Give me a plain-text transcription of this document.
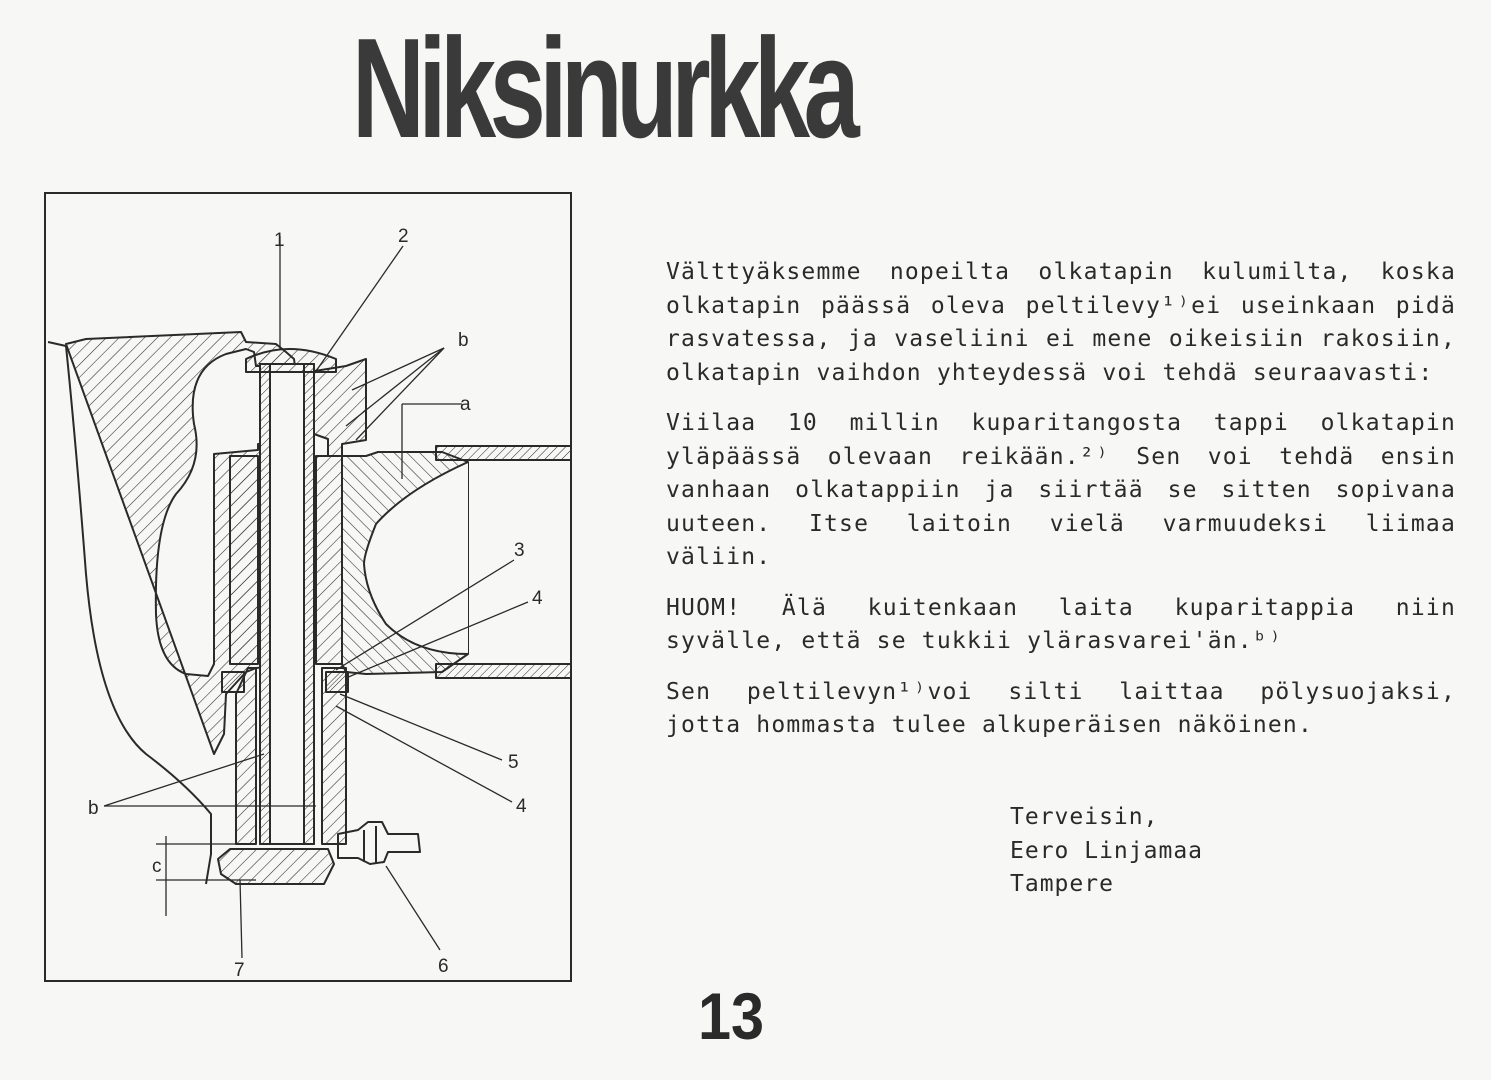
Niksinurkka
1	2
b
a
3
4
5
4
b
c
7	6

Välttyäksemme nopeilta olkatapin kulumilta, koska olkatapin päässä oleva peltilevy¹⁾ei useinkaan pidä rasvatessa, ja vaseliini ei mene oikeisiin rakosiin, olkatapin vaihdon yhteydessä voi tehdä seuraavasti:

Viilaa 10 millin kuparitangosta tappi olkatapin yläpäässä olevaan reikään.²⁾ Sen voi tehdä ensin vanhaan olkatappiin ja siirtää se sitten sopivana uuteen. Itse laitoin vielä varmuudeksi liimaa väliin.

HUOM! Älä kuitenkaan laita kuparitappia niin syvälle, että se tukkii ylärasvarei'än.ᵇ⁾

Sen peltilevyn¹⁾voi silti laittaa pölysuojaksi, jotta hommasta tulee alkuperäisen näköinen.

Terveisin,
Eero Linjamaa
Tampere
13
